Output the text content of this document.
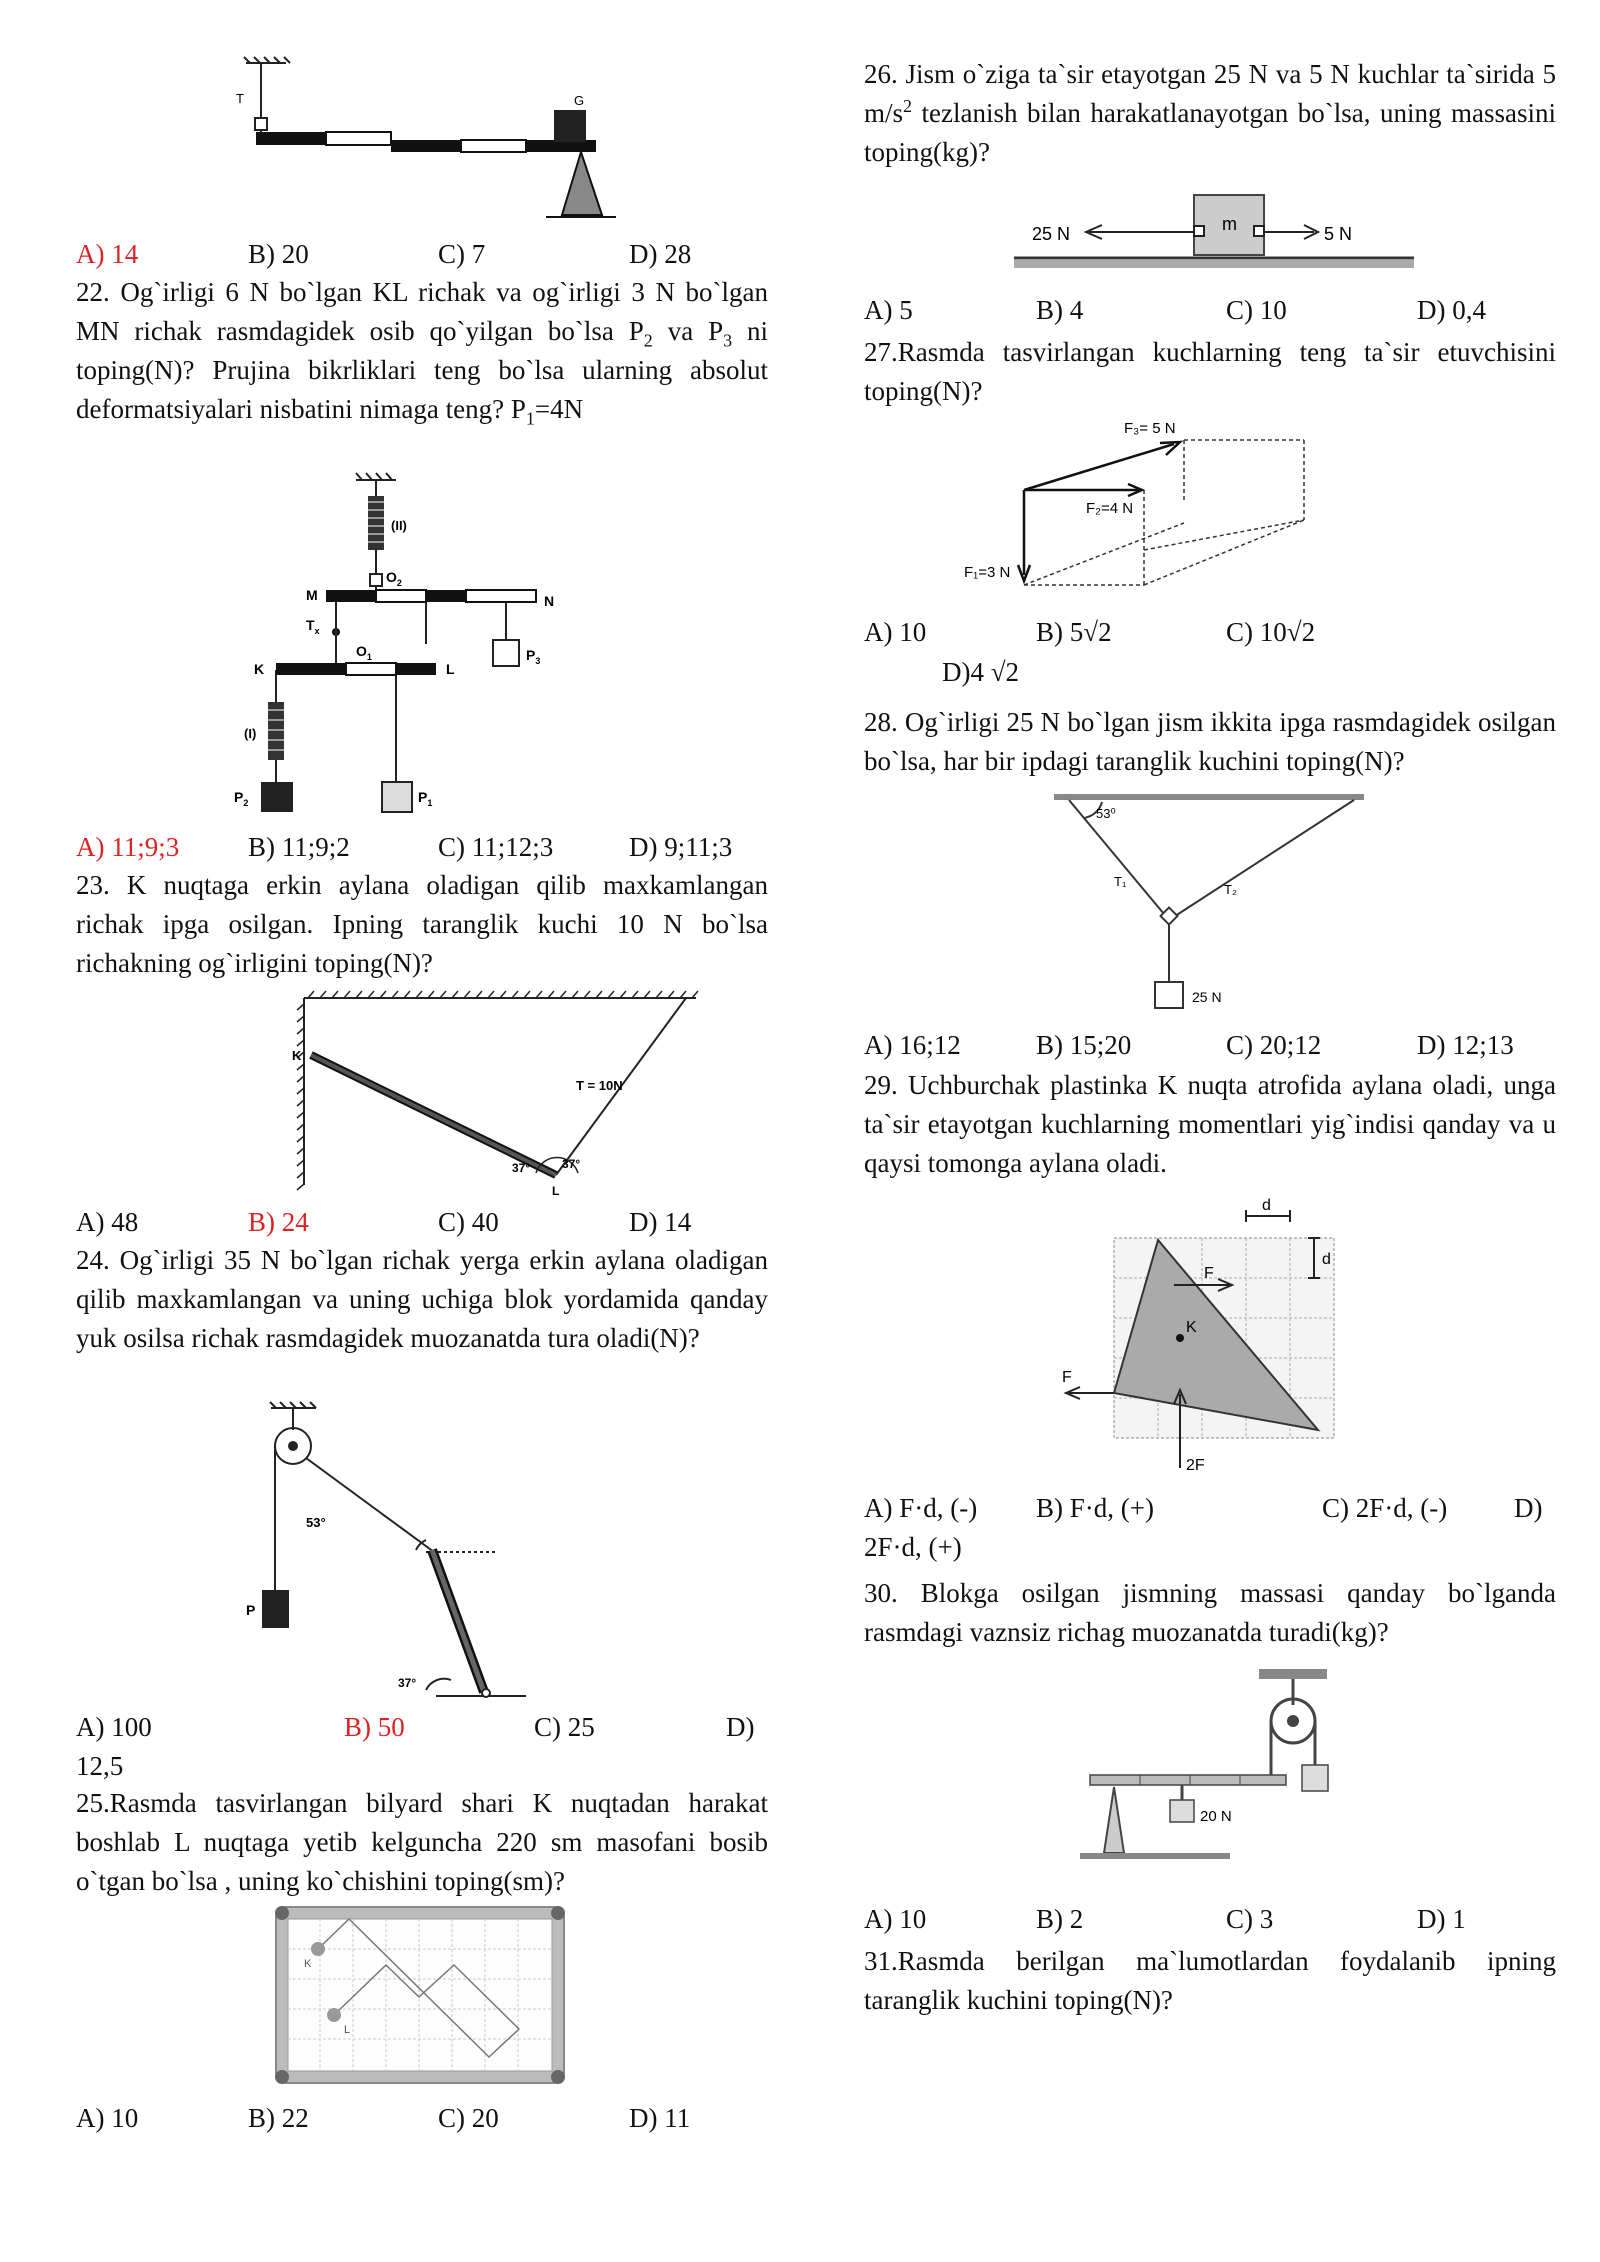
T	G
A) 14	B) 20	C) 7	D) 28

22. Og`irligi 6 N bo`lgan KL richak va og`irligi 3 N bo`lgan MN richak rasmdagidek osib qo`yilgan bo`lsa $P_2$ va $P_3$ ni toping(N)? Prujina bikrliklari teng bo`lsa ularning absolut deformatsiyalari nisbatini nimaga teng? $P_1=4N$

(II)
$O_2$
M	N
$T_x$
$O_1$
K	L
$P_3$
(I)
$P_2$	$P_1$
A) 11;9;3	B) 11;9;2	C) 11;12;3	D) 9;11;3

23. K nuqtaga erkin aylana oladigan qilib maxkamlangan richak ipga osilgan. Ipning taranglik kuchi 10 N bo`lsa richakning og`irligini toping(N)?

K
T = 10N
37°	37°
L
A) 48	B) 24	C) 40	D) 14

24. Og`irligi 35 N bo`lgan richak yerga erkin aylana oladigan qilib maxkamlangan va uning uchiga blok yordamida qanday yuk osilsa richak rasmdagidek muozanatda tura oladi(N)?

53°
P
37°
A) 100	B) 50	C) 25	D)
12,5

25.Rasmda tasvirlangan bilyard shari K nuqtadan harakat boshlab L nuqtaga yetib kelguncha 220 sm masofani bosib o`tgan bo`lsa , uning ko`chishini toping(sm)?

K
L
A) 10	B) 22	C) 20	D) 11

26. Jism o`ziga ta`sir etayotgan 25 N va 5 N kuchlar ta`sirida 5 $m/s^2$ tezlanish bilan harakatlanayotgan bo`lsa, uning massasini toping(kg)?

25 N	m	5 N
A) 5	B) 4	C) 10	D) 0,4

27.Rasmda tasvirlangan kuchlarning teng ta`sir etuvchisini toping(N)?

F₃= 5 N
F₂=4 N
F₁=3 N
A) 10	B) 5√2	C) 10√2
D)4 √2

28. Og`irligi 25 N bo`lgan jism ikkita ipga rasmdagidek osilgan bo`lsa, har bir ipdagi taranglik kuchini toping(N)?

53⁰
T₁
T₂
25 N
A) 16;12	B) 15;20	C) 20;12	D) 12;13

29. Uchburchak plastinka K nuqta atrofida aylana oladi, unga ta`sir etayotgan kuchlarning momentlari yig`indisi qanday va u qaysi tomonga aylana oladi.

d
d
F
K
F
2F
A) F·d, (-) B) F·d, (+)	C) 2F·d, (-) D)
2F·d, (+)

30. Blokga osilgan jismning massasi qanday bo`lganda rasmdagi vaznsiz richag muozanatda turadi(kg)?

20 N
A) 10	B) 2	C) 3	D) 1

31.Rasmda berilgan ma`lumotlardan foydalanib ipning taranglik kuchini toping(N)?
